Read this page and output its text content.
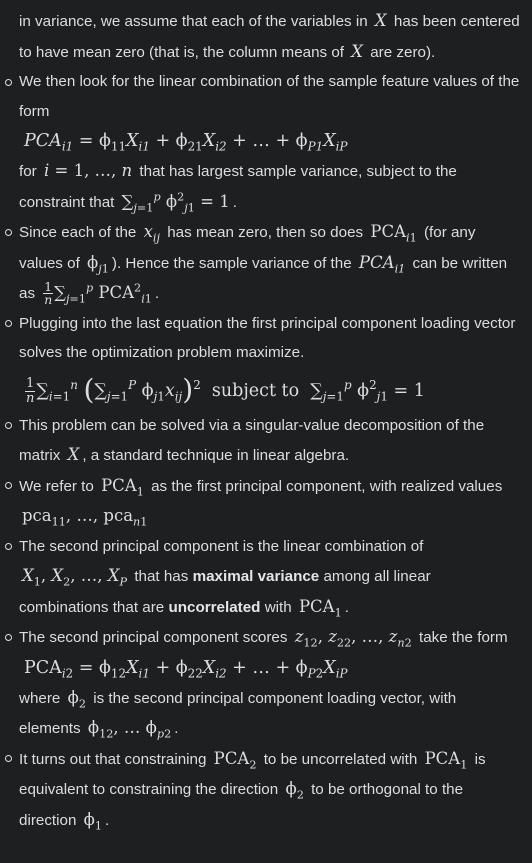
in variance, we assume that each of the variables in X has been centered to have mean zero (that is, the column means of X are zero).

We then look for the linear combination of the sample feature values of the form
$PCA_{i1} = \phi_{11}X_{i1} + \phi_{21}X_{i2}$ + … + $\phi_{P1}X_{iP}$
for i = 1, …, n that has largest sample variance, subject to the constraint that $\sum_{j=1}^p$ $\phi^2_{j1} = 1$ .
Since each of the $x_{ij}$ has mean zero, then so does $PCA_{i1}$ (for any values of $\phi_{j1}$ ). Hence the sample variance of the $PCA_{i1}$ can be written as $\frac{1}{n} \sum_{j=1}^p$ $PCA^2_{i1}$ .
Plugging into the last equation the first principal component loading vector solves the optimization problem maximize.
$\frac{1}{n} \sum_{i=1}^n$ ($\sum_{j=1}^P$ $\phi_{j1}x_{ij})^2$ subject to  $\sum_{j=1}^p$ $\phi^2_{j1} = 1$
This problem can be solved via a singular-value decomposition of the matrix X , a standard technique in linear algebra.
We refer to $PCA_1$ as the first principal component, with realized values pca$_{11}$, …, pca$_{n1}$
The second principal component is the linear combination of $X_1$, $X_2$, …, $X_P$ that has maximal variance among all linear combinations that are uncorrelated with $PCA_1$ .
The second principal component scores $z_{12}$, $z_{22}$, …, $z_{n2}$ take the form
$PCA_{i2} = \phi_{12}X_{i1} + \phi_{22}X_{i2}$ + … + $\phi_{P2}X_{iP}$
where $\phi_2$ is the second principal component loading vector, with elements $\phi_{12}$, … $\phi_{p2}$ .
It turns out that constraining $PCA_2$ to be uncorrelated with $PCA_1$ is equivalent to constraining the direction $\phi_2$ to be orthogonal to the direction $\phi_1$ .
